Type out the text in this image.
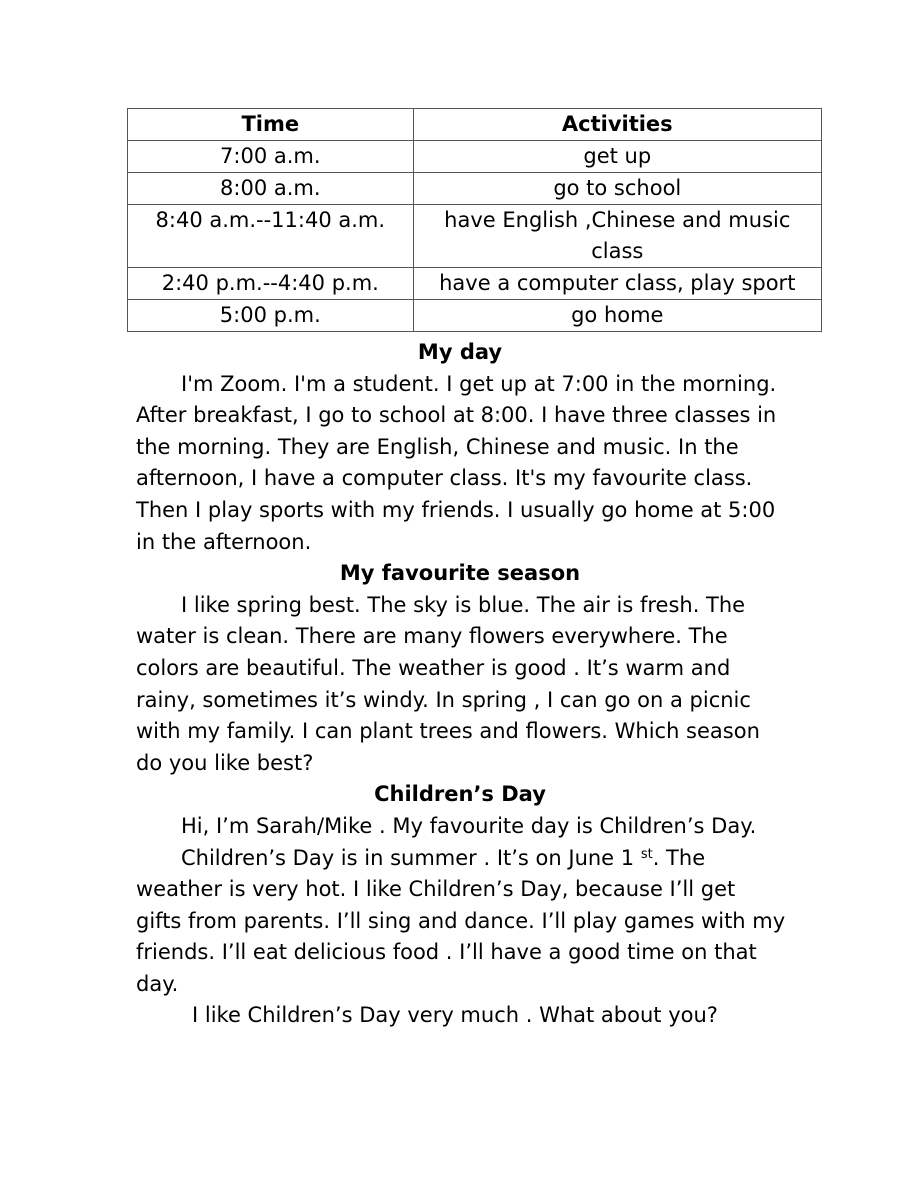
Time	Activities
7:00 a.m.	get up
8:00 a.m.	go to school
8:40 a.m.--11:40 a.m.	have English ,Chinese and music class
2:40 p.m.--4:40 p.m.	have a computer class, play sport
5:00 p.m.	go home
My day

I'm Zoom. I'm a student. I get up at 7:00 in the morning. After breakfast, I go to school at 8:00. I have three classes in the morning. They are English, Chinese and music. In the afternoon, I have a computer class. It's my favourite class. Then I play sports with my friends. I usually go home at 5:00 in the afternoon.

My favourite season

I like spring best. The sky is blue. The air is fresh. The water is clean. There are many flowers everywhere. The colors are beautiful. The weather is good . It’s warm and rainy, sometimes it’s windy. In spring , I can go on a picnic with my family. I can plant trees and flowers. Which season do you like best?

Children’s Day

Hi, I’m Sarah/Mike . My favourite day is Children’s Day.

Children’s Day is in summer . It’s on June 1 $^{st}$. The weather is very hot. I like Children’s Day, because I’ll get gifts from parents. I’ll sing and dance. I’ll play games with my friends. I’ll eat delicious food . I’ll have a good time on that day.

I like Children’s Day very much . What about you?
